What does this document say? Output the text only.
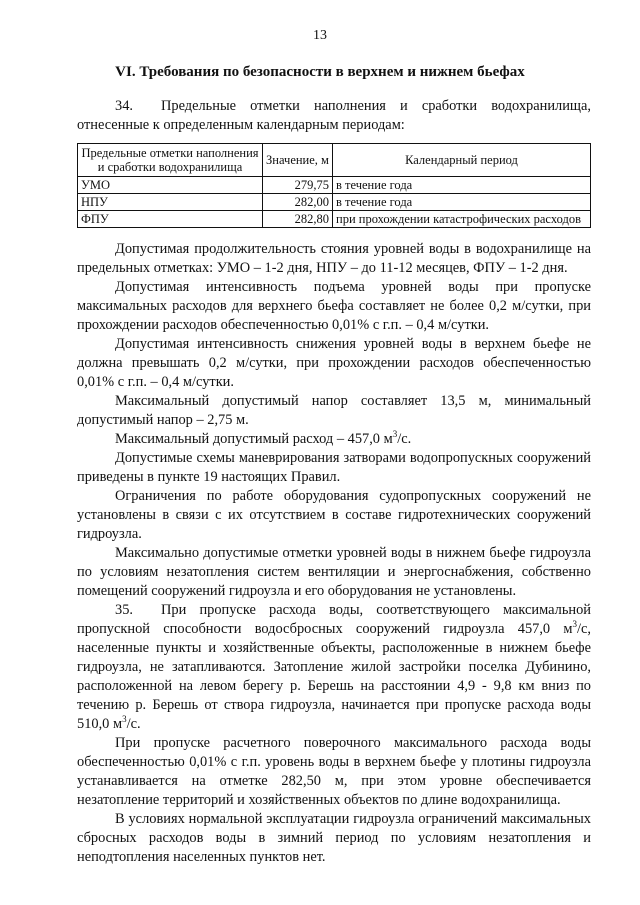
13
VI. Требования по безопасности в верхнем и нижнем бьефах

34. Предельные отметки наполнения и сработки водохранилища, отнесенные к определенным календарным периодам:

Предельные отметки наполнения и сработки водохранилища	Значение, м	Календарный период
УМО	279,75	в течение года
НПУ	282,00	в течение года
ФПУ	282,80	при прохождении катастрофических расходов

Допустимая продолжительность стояния уровней воды в водохранилище на предельных отметках: УМО – 1-2 дня, НПУ – до 11-12 месяцев, ФПУ – 1-2 дня.

Допустимая интенсивность подъема уровней воды при пропуске максимальных расходов для верхнего бьефа составляет не более 0,2 м/сутки, при прохождении расходов обеспеченностью 0,01% с г.п. – 0,4 м/сутки.

Допустимая интенсивность снижения уровней воды в верхнем бьефе не должна превышать 0,2 м/сутки, при прохождении расходов обеспеченностью 0,01% с г.п. – 0,4 м/сутки.

Максимальный допустимый напор составляет 13,5 м, минимальный допустимый напор – 2,75 м.

Максимальный допустимый расход – 457,0 $м^3/с$.

Допустимые схемы маневрирования затворами водопропускных сооружений приведены в пункте 19 настоящих Правил.

Ограничения по работе оборудования судопропускных сооружений не установлены в связи с их отсутствием в составе гидротехнических сооружений гидроузла.

Максимально допустимые отметки уровней воды в нижнем бьефе гидроузла по условиям незатопления систем вентиляции и энергоснабжения, собственно помещений сооружений гидроузла и его оборудования не установлены.

35. При пропуске расхода воды, соответствующего максимальной пропускной способности водосбросных сооружений гидроузла 457,0 $м^3/с$, населенные пункты и хозяйственные объекты, расположенные в нижнем бьефе гидроузла, не затапливаются. Затопление жилой застройки поселка Дубинино, расположенной на левом берегу р. Берешь на расстоянии 4,9 - 9,8 км вниз по течению р. Берешь от створа гидроузла, начинается при пропуске расхода воды 510,0 $м^3/с$.

При пропуске расчетного поверочного максимального расхода воды обеспеченностью 0,01% с г.п. уровень воды в верхнем бьефе у плотины гидроузла устанавливается на отметке 282,50 м, при этом уровне обеспечивается незатопление территорий и хозяйственных объектов по длине водохранилища.

В условиях нормальной эксплуатации гидроузла ограничений максимальных сбросных расходов воды в зимний период по условиям незатопления и неподтопления населенных пунктов нет.
